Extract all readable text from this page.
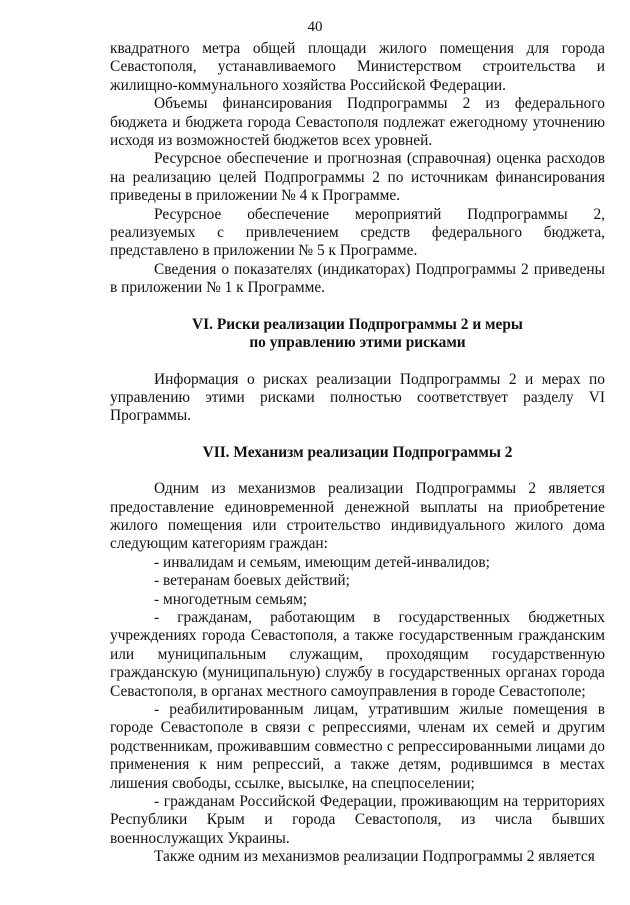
40

квадратного метра общей площади жилого помещения для города Севастополя, устанавливаемого Министерством строительства и жилищно-коммунального хозяйства Российской Федерации.

Объемы финансирования Подпрограммы 2 из федерального бюджета и бюджета города Севастополя подлежат ежегодному уточнению исходя из возможностей бюджетов всех уровней.

Ресурсное обеспечение и прогнозная (справочная) оценка расходов на реализацию целей Подпрограммы 2 по источникам финансирования приведены в приложении № 4 к Программе.

Ресурсное обеспечение мероприятий Подпрограммы 2, реализуемых с привлечением средств федерального бюджета, представлено в приложении № 5 к Программе.

Сведения о показателях (индикаторах) Подпрограммы 2 приведены в приложении № 1 к Программе.

VI. Риски реализации Подпрограммы 2 и меры

по управлению этими рисками

Информация о рисках реализации Подпрограммы 2 и мерах по управлению этими рисками полностью соответствует разделу VI Программы.

VII. Механизм реализации Подпрограммы 2

Одним из механизмов реализации Подпрограммы 2 является предоставление единовременной денежной выплаты на приобретение жилого помещения или строительство индивидуального жилого дома следующим категориям граждан:

- инвалидам и семьям, имеющим детей-инвалидов;

- ветеранам боевых действий;

- многодетным семьям;

- гражданам, работающим в государственных бюджетных учреждениях города Севастополя, а также государственным гражданским или муниципальным служащим, проходящим государственную гражданскую (муниципальную) службу в государственных органах города Севастополя, в органах местного самоуправления в городе Севастополе;

- реабилитированным лицам, утратившим жилые помещения в городе Севастополе в связи с репрессиями, членам их семей и другим родственникам, проживавшим совместно с репрессированными лицами до применения к ним репрессий, а также детям, родившимся в местах лишения свободы, ссылке, высылке, на спецпоселении;

- гражданам Российской Федерации, проживающим на территориях Республики Крым и города Севастополя, из числа бывших военнослужащих Украины.

Также одним из механизмов реализации Подпрограммы 2 является
